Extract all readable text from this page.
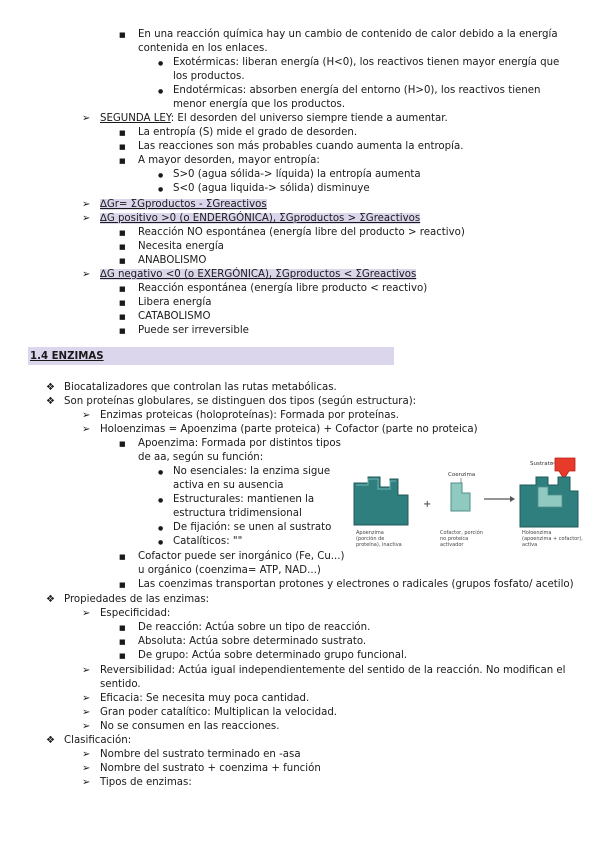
■
En una reacción química hay un cambio de contenido de calor debido a la energía
contenida en los enlaces.
●
Exotérmicas: liberan energía (H<0), los reactivos tienen mayor energía que
los productos.
●
Endotérmicas: absorben energía del entorno (H>0), los reactivos tienen
menor energía que los productos.
➢
SEGUNDA LEY: El desorden del universo siempre tiende a aumentar.
■
La entropía (S) mide el grado de desorden.
■
Las reacciones son más probables cuando aumenta la entropía.
■
A mayor desorden, mayor entropía:
●
S>0 (agua sólida-> líquida) la entropía aumenta
●
S<0 (agua liquida-> sólida) disminuye
➢
∆Gr= ΣGproductos - ΣGreactivos
➢
∆G positivo >0 (o ENDERGÓNICA), ΣGproductos > ΣGreactivos
■
Reacción NO espontánea (energía libre del producto > reactivo)
■
Necesita energía
■
ANABOLISMO
➢
∆G negativo <0 (o EXERGÓNICA), ΣGproductos < ΣGreactivos
■
Reacción espontánea (energía libre producto < reactivo)
■
Libera energía
■
CATABOLISMO
■
Puede ser irreversible
1.4 ENZIMAS
❖
Biocatalizadores que controlan las rutas metabólicas.
❖
Son proteínas globulares, se distinguen dos tipos (según estructura):
➢
Enzimas proteicas (holoproteínas): Formada por proteínas.
➢
Holoenzimas = Apoenzima (parte proteica) + Cofactor (parte no proteica)
■
Apoenzima: Formada por distintos tipos
de aa, según su función:
●
No esenciales: la enzima sigue
activa en su ausencia
●
Estructurales: mantienen la
estructura tridimensional
●
De fijación: se unen al sustrato
●
Catalíticos: ""
■
Cofactor puede ser inorgánico (Fe, Cu...)
u orgánico (coenzima= ATP, NAD...)
■
Las coenzimas transportan protones y electrones o radicales (grupos fosfato/ acetilo)
+
Coenzima
Sustrato
Apoenzima (porción de proteína), inactiva
Cofactor, porción no proteica activador
Holoenzima (apoenzima + cofactor), activa
❖
Propiedades de las enzimas:
➢
Especificidad:
■
De reacción: Actúa sobre un tipo de reacción.
■
Absoluta: Actúa sobre determinado sustrato.
■
De grupo: Actúa sobre determinado grupo funcional.
➢
Reversibilidad: Actúa igual independientemente del sentido de la reacción. No modifican el
sentido.
➢
Eficacia: Se necesita muy poca cantidad.
➢
Gran poder catalítico: Multiplican la velocidad.
➢
No se consumen en las reacciones.
❖
Clasificación:
➢
Nombre del sustrato terminado en -asa
➢
Nombre del sustrato + coenzima + función
➢
Tipos de enzimas:
